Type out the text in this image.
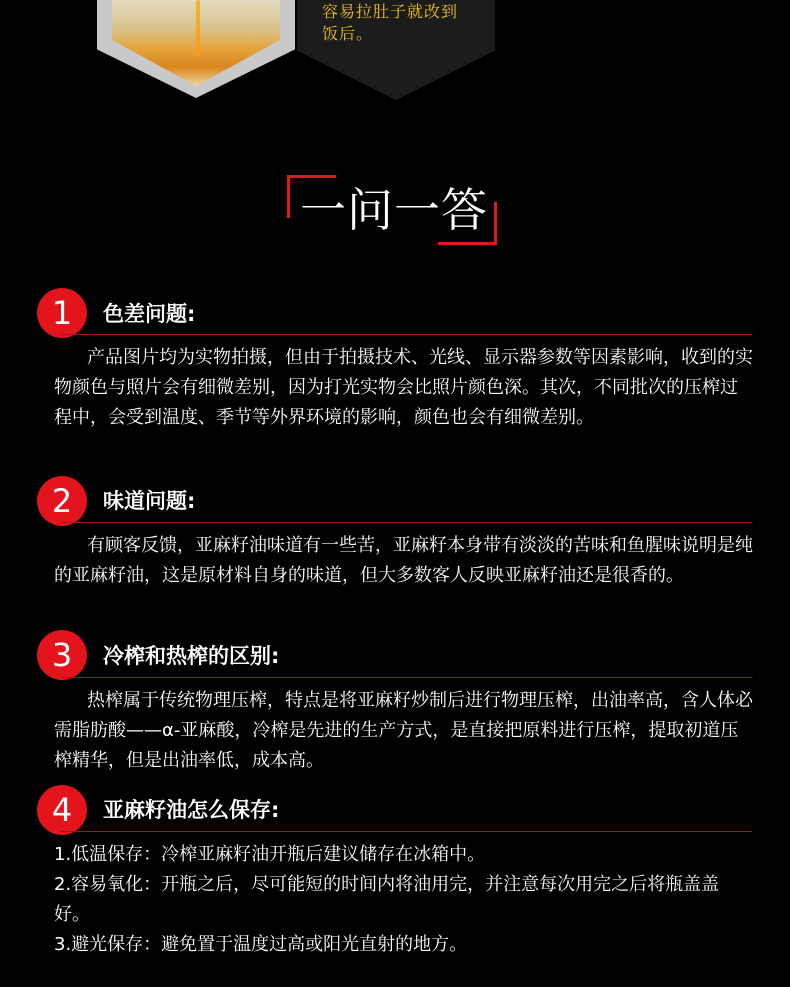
容易拉肚子就改到
饭后。
一问一答
1	色差问题:
产品图片均为实物拍摄，但由于拍摄技术、光线、显示器参数等因素影响，收到的实物颜色与照片会有细微差别，因为打光实物会比照片颜色深。其次，不同批次的压榨过程中，会受到温度、季节等外界环境的影响，颜色也会有细微差别。
2	味道问题:
有顾客反馈，亚麻籽油味道有一些苦，亚麻籽本身带有淡淡的苦味和鱼腥味说明是纯的亚麻籽油，这是原材料自身的味道，但大多数客人反映亚麻籽油还是很香的。
3	冷榨和热榨的区别:
热榨属于传统物理压榨，特点是将亚麻籽炒制后进行物理压榨，出油率高，含人体必需脂肪酸——α-亚麻酸，冷榨是先进的生产方式，是直接把原料进行压榨，提取初道压榨精华，但是出油率低，成本高。
4	亚麻籽油怎么保存:
1.低温保存：冷榨亚麻籽油开瓶后建议储存在冰箱中。
2.容易氧化：开瓶之后，尽可能短的时间内将油用完，并注意每次用完之后将瓶盖盖好。
3.避光保存：避免置于温度过高或阳光直射的地方。
